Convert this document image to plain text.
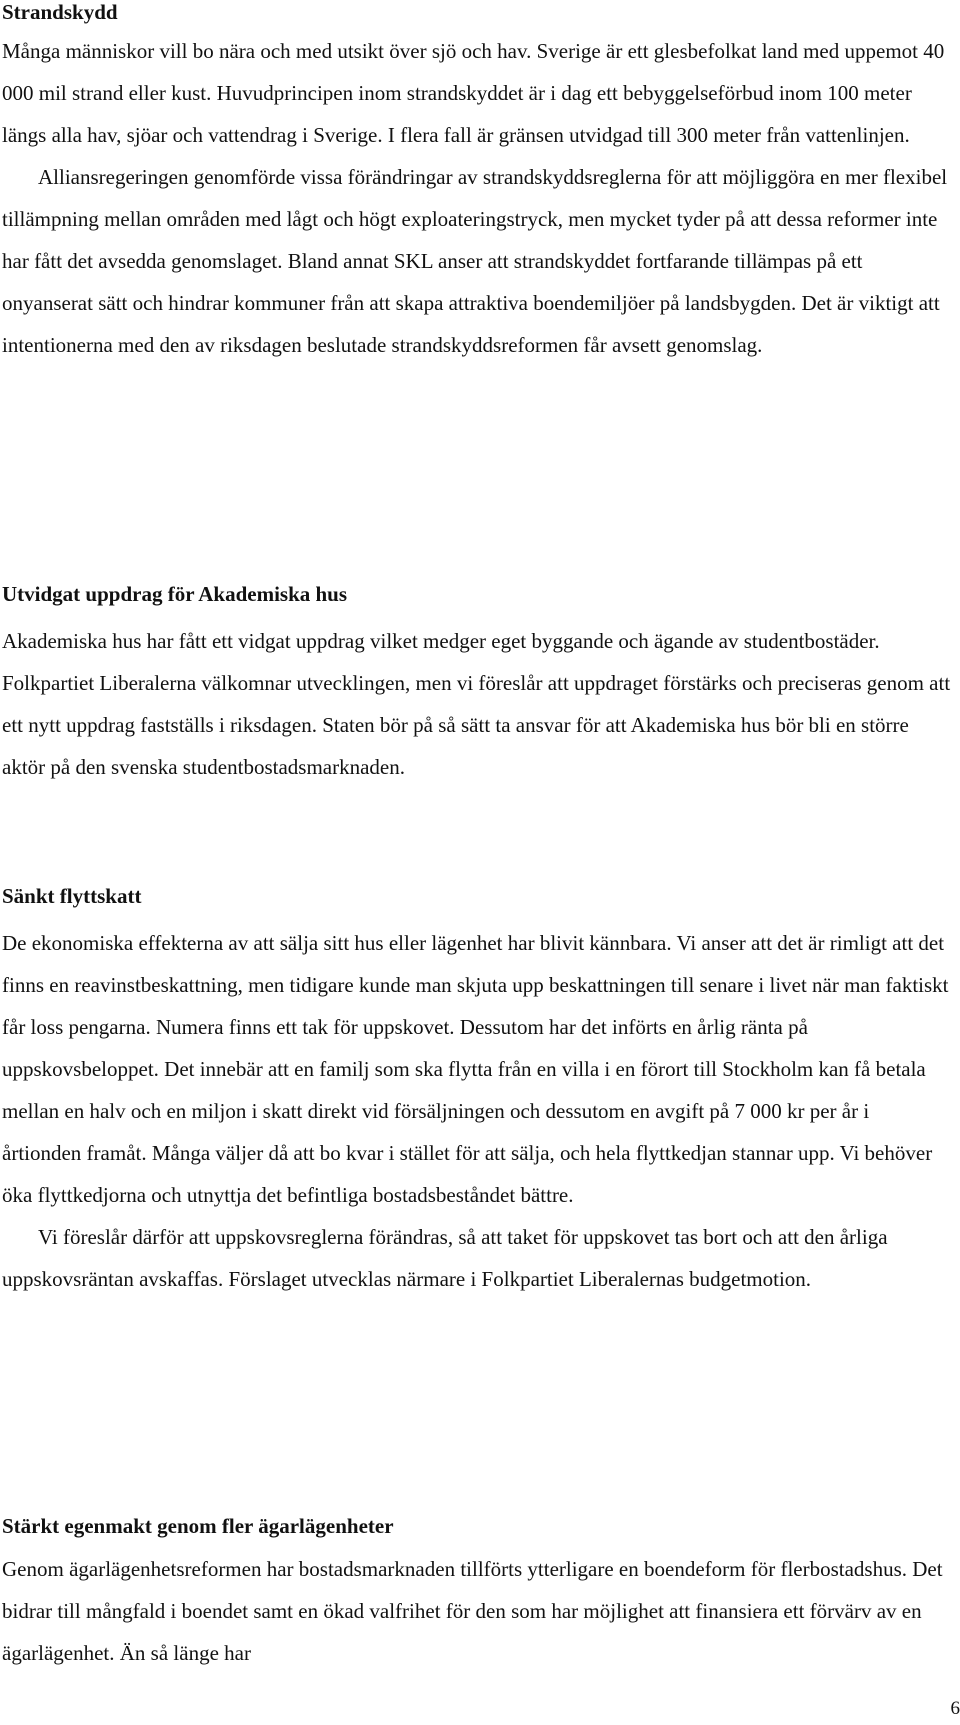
Strandskydd

Många människor vill bo nära och med utsikt över sjö och hav. Sverige är ett glesbefolkat land med uppemot 40 000 mil strand eller kust. Huvudprincipen inom strandskyddet är i dag ett bebyggelseförbud inom 100 meter längs alla hav, sjöar och vattendrag i Sverige. I flera fall är gränsen utvidgad till 300 meter från vattenlinjen.

Alliansregeringen genomförde vissa förändringar av strandskyddsreglerna för att möjliggöra en mer flexibel tillämpning mellan områden med lågt och högt exploateringstryck, men mycket tyder på att dessa reformer inte har fått det avsedda genomslaget. Bland annat SKL anser att strandskyddet fortfarande tillämpas på ett onyanserat sätt och hindrar kommuner från att skapa attraktiva boendemiljöer på landsbygden. Det är viktigt att intentionerna med den av riksdagen beslutade strandskyddsreformen får avsett genomslag.

Utvidgat uppdrag för Akademiska hus

Akademiska hus har fått ett vidgat uppdrag vilket medger eget byggande och ägande av studentbostäder. Folkpartiet Liberalerna välkomnar utvecklingen, men vi föreslår att uppdraget förstärks och preciseras genom att ett nytt uppdrag fastställs i riksdagen. Staten bör på så sätt ta ansvar för att Akademiska hus bör bli en större aktör på den svenska studentbostadsmarknaden.

Sänkt flyttskatt

De ekonomiska effekterna av att sälja sitt hus eller lägenhet har blivit kännbara. Vi anser att det är rimligt att det finns en reavinstbeskattning, men tidigare kunde man skjuta upp beskattningen till senare i livet när man faktiskt får loss pengarna. Numera finns ett tak för uppskovet. Dessutom har det införts en årlig ränta på uppskovsbeloppet. Det innebär att en familj som ska flytta från en villa i en förort till Stockholm kan få betala mellan en halv och en miljon i skatt direkt vid försäljningen och dessutom en avgift på 7 000 kr per år i årtionden framåt. Många väljer då att bo kvar i stället för att sälja, och hela flyttkedjan stannar upp. Vi behöver öka flyttkedjorna och utnyttja det befintliga bostadsbeståndet bättre.

Vi föreslår därför att uppskovsreglerna förändras, så att taket för uppskovet tas bort och att den årliga uppskovsräntan avskaffas. Förslaget utvecklas närmare i Folkpartiet Liberalernas budgetmotion.

Stärkt egenmakt genom fler ägarlägenheter

Genom ägarlägenhetsreformen har bostadsmarknaden tillförts ytterligare en boendeform för flerbostadshus. Det bidrar till mångfald i boendet samt en ökad valfrihet för den som har möjlighet att finansiera ett förvärv av en ägarlägenhet. Än så länge har

6
